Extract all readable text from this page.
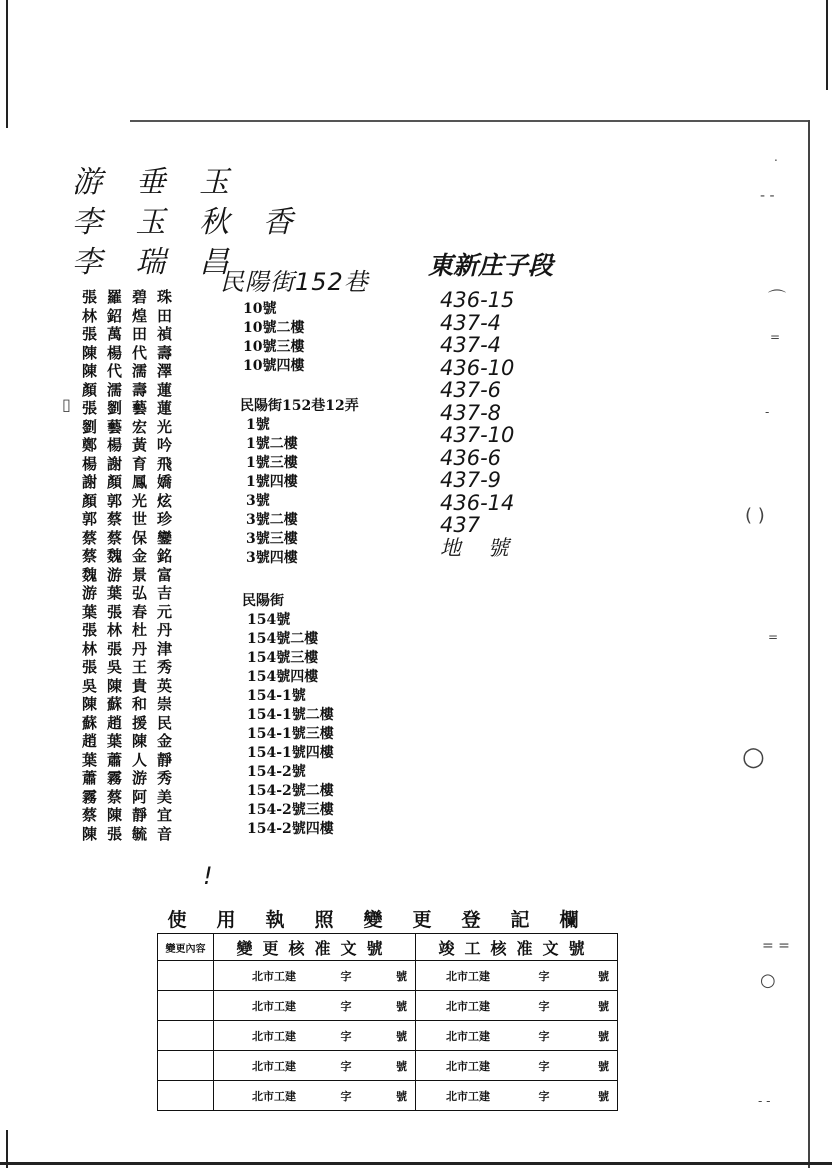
游 垂 玉
李 玉 秋 香
李 瑞 昌
張羅碧珠
林鉊煌田
張萬田禎
陳楊代壽
陳代濡澤
顏濡壽蓮
張劉藝蓮
劉藝宏光
鄭楊黃吟
楊謝育飛
謝顏鳳嬌
顏郭光炫
郭蔡世珍
蔡蔡保鑾
蔡魏金銘
魏游景富
游葉弘吉
葉張春元
張林杜丹
林張丹津
張吳王秀
吳陳貴英
陳蘇和崇
蘇趙援民
趙葉陳金
葉蕭人靜
蕭霧游秀
霧蔡阿美
蔡陳靜宜
陳張毓音
民陽街152巷
10號
10號二樓
10號三樓
10號四樓
民陽街152巷12弄
1號
1號二樓
1號三樓
1號四樓
3號
3號二樓
3號三樓
3號四樓
民陽街
154號
154號二樓
154號三樓
154號四樓
154-1號
154-1號二樓
154-1號三樓
154-1號四樓
154-2號
154-2號二樓
154-2號三樓
154-2號四樓
東新庄子段
436-15
437-4
437-4
436-10
437-6
437-8
437-10
436-6
437-9
436-14
437
地 號
!
.
- -
⌒
=
-
( )
=
○
= =
○
- -
▯
使用執照變更登記欄		
變更內容	變更核准文號	竣工核准文號

	北市工建 字 號	北市工建 字 號

	北市工建 字 號	北市工建 字 號

	北市工建 字 號	北市工建 字 號

	北市工建 字 號	北市工建 字 號

	北市工建 字 號	北市工建 字 號
